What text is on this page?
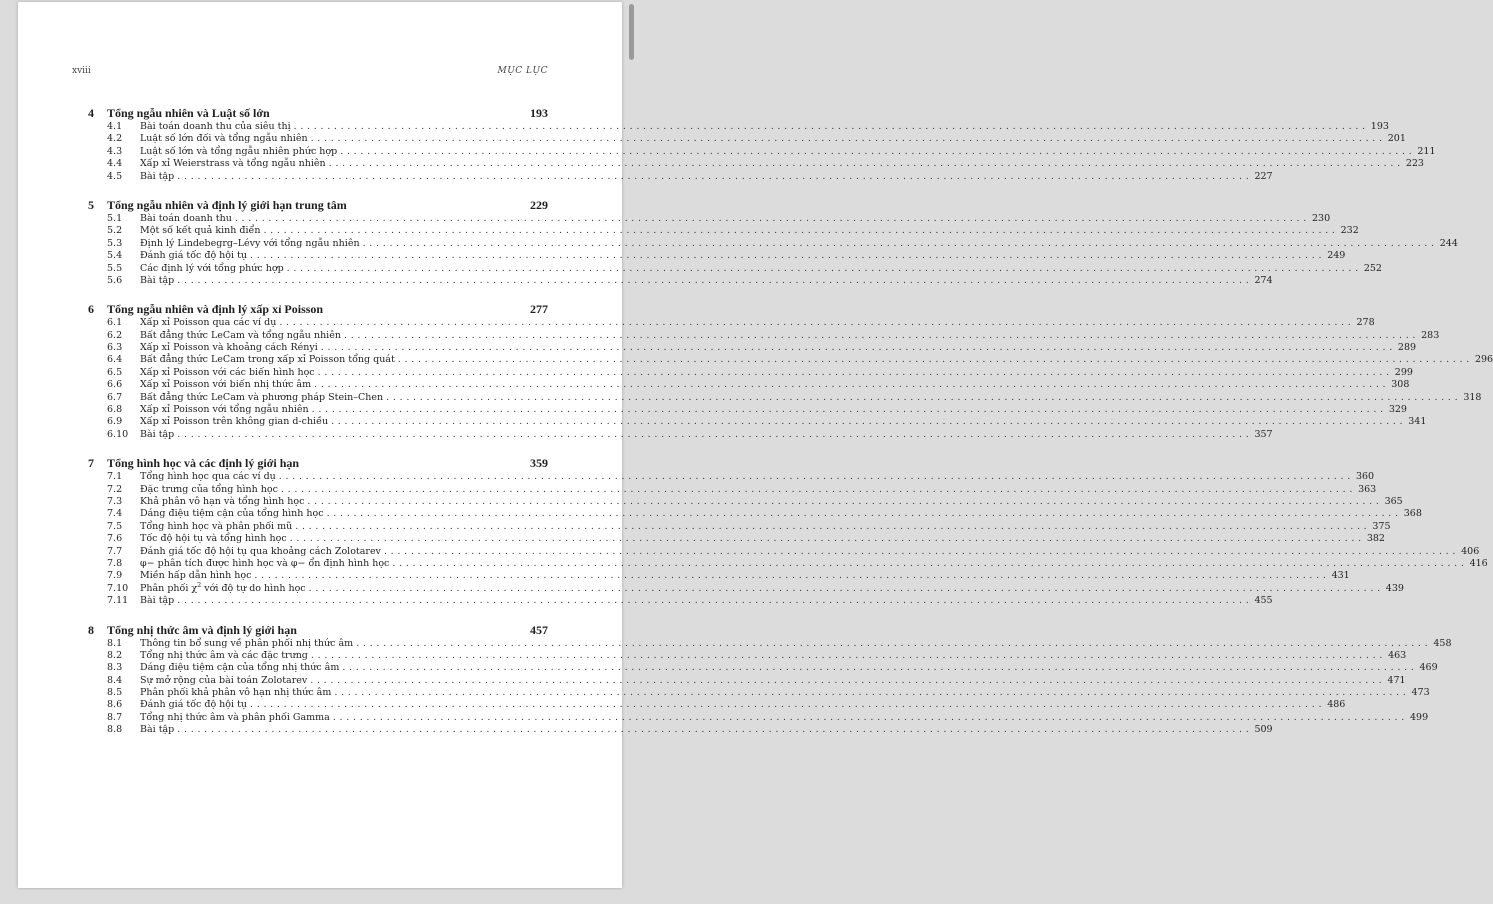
xviii	MỤC LỤC
4	Tổng ngẫu nhiên và Luật số lớn	193
4.1	Bài toán doanh thu của siêu thị ................................................................................................................................................................ 193
4.2	Luật số lớn đối và tổng ngẫu nhiên ................................................................................................................................................................ 201
4.3	Luật số lớn và tổng ngẫu nhiên phức hợp ................................................................................................................................................................ 211
4.4	Xấp xỉ Weierstrass và tổng ngẫu nhiên ................................................................................................................................................................ 223
4.5	Bài tập ................................................................................................................................................................ 227
5	Tổng ngẫu nhiên và định lý giới hạn trung tâm	229
5.1	Bài toán doanh thu ................................................................................................................................................................ 230
5.2	Một số kết quả kinh điển ................................................................................................................................................................ 232
5.3	Định lý Lindebegrg–Lévy với tổng ngẫu nhiên ................................................................................................................................................................ 244
5.4	Đánh giá tốc độ hội tụ ................................................................................................................................................................ 249
5.5	Các định lý với tổng phức hợp ................................................................................................................................................................ 252
5.6	Bài tập ................................................................................................................................................................ 274
6	Tổng ngẫu nhiên và định lý xấp xỉ Poisson	277
6.1	Xấp xỉ Poisson qua các ví dụ ................................................................................................................................................................ 278
6.2	Bất đẳng thức LeCam và tổng ngẫu nhiên ................................................................................................................................................................ 283
6.3	Xấp xỉ Poisson và khoảng cách Rényi ................................................................................................................................................................ 289
6.4	Bất đẳng thức LeCam trong xấp xỉ Poisson tổng quát ................................................................................................................................................................ 296
6.5	Xấp xỉ Poisson với các biến hình học ................................................................................................................................................................ 299
6.6	Xấp xỉ Poisson với biến nhị thức âm ................................................................................................................................................................ 308
6.7	Bất đẳng thức LeCam và phương pháp Stein–Chen ................................................................................................................................................................ 318
6.8	Xấp xỉ Poisson với tổng ngẫu nhiên ................................................................................................................................................................ 329
6.9	Xấp xỉ Poisson trên không gian d-chiều ................................................................................................................................................................ 341
6.10	Bài tập ................................................................................................................................................................ 357
7	Tổng hình học và các định lý giới hạn	359
7.1	Tổng hình học qua các ví dụ ................................................................................................................................................................ 360
7.2	Đặc trưng của tổng hình học ................................................................................................................................................................ 363
7.3	Khả phân vô hạn và tổng hình học ................................................................................................................................................................ 365
7.4	Dáng điệu tiệm cận của tổng hình học ................................................................................................................................................................ 368
7.5	Tổng hình học và phân phối mũ ................................................................................................................................................................ 375
7.6	Tốc độ hội tụ và tổng hình học ................................................................................................................................................................ 382
7.7	Đánh giá tốc độ hội tụ qua khoảng cách Zolotarev ................................................................................................................................................................ 406
7.8	φ− phân tích được hình học và φ− ổn định hình học ................................................................................................................................................................ 416
7.9	Miền hấp dẫn hình học ................................................................................................................................................................ 431
7.10	Phân phối $\chi^2$ với độ tự do hình học ................................................................................................................................................................ 439
7.11	Bài tập ................................................................................................................................................................ 455
8	Tổng nhị thức âm và định lý giới hạn	457
8.1	Thông tin bổ sung về phân phối nhị thức âm ................................................................................................................................................................ 458
8.2	Tổng nhị thức âm và các đặc trưng ................................................................................................................................................................ 463
8.3	Dáng điệu tiệm cận của tổng nhị thức âm ................................................................................................................................................................ 469
8.4	Sự mở rộng của bài toán Zolotarev ................................................................................................................................................................ 471
8.5	Phân phối khả phân vô hạn nhị thức âm ................................................................................................................................................................ 473
8.6	Đánh giá tốc độ hội tụ ................................................................................................................................................................ 486
8.7	Tổng nhị thức âm và phân phối Gamma ................................................................................................................................................................ 499
8.8	Bài tập ................................................................................................................................................................ 509
